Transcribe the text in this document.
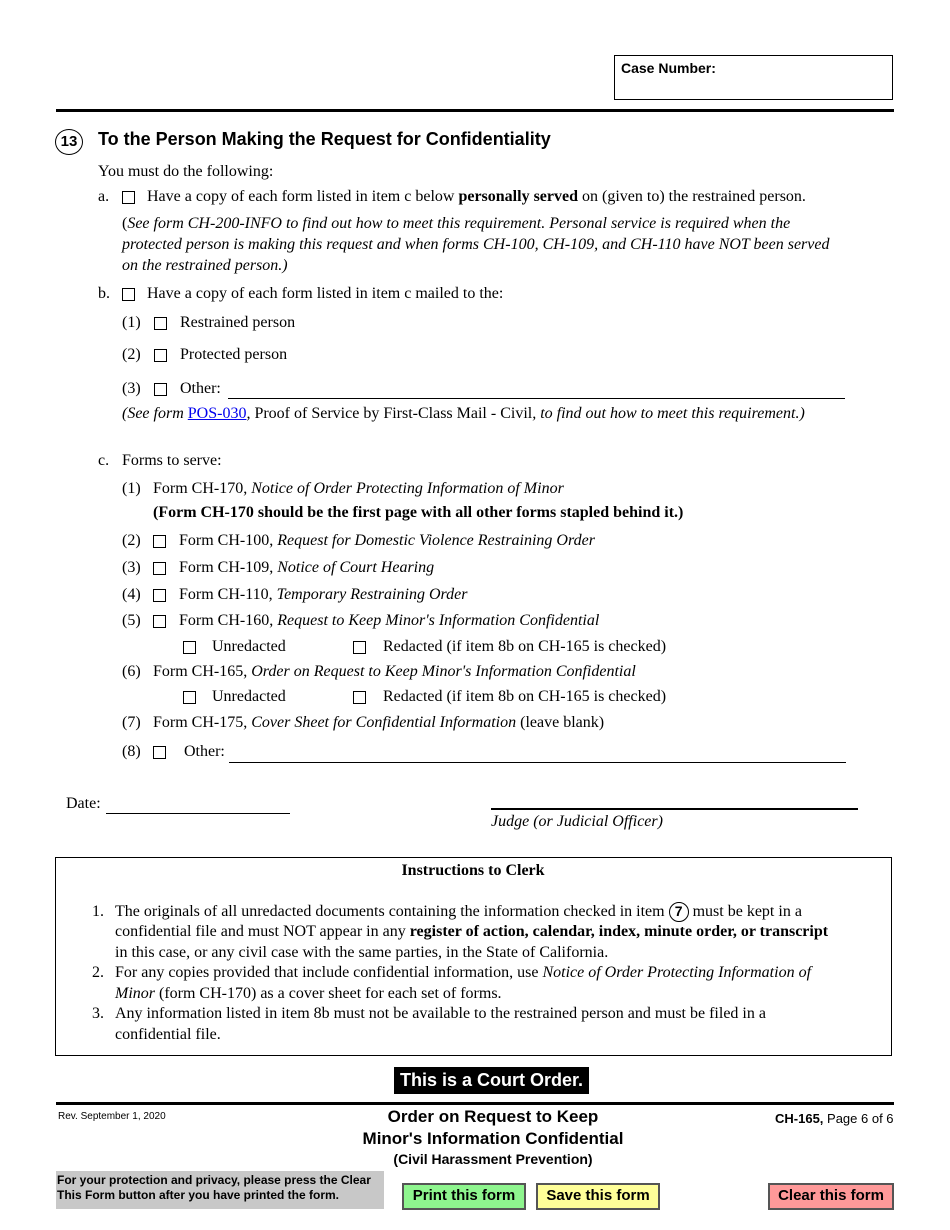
Case Number:
13	To the Person Making the Request for Confidentiality
You must do the following:
a. Have a copy of each form listed in item c below personally served on (given to) the restrained person.
(See form CH-200-INFO to find out how to meet this requirement. Personal service is required when the
protected person is making this request and when forms CH-100, CH-109, and CH-110 have NOT been served
on the restrained person.)
b. Have a copy of each form listed in item c mailed to the:
(1) Restrained person
(2) Protected person
(3) Other:
(See form POS-030, Proof of Service by First-Class Mail - Civil, to find out how to meet this requirement.)
c. Forms to serve:
(1) Form CH-170, Notice of Order Protecting Information of Minor
(Form CH-170 should be the first page with all other forms stapled behind it.)
(2) Form CH-100, Request for Domestic Violence Restraining Order
(3) Form CH-109, Notice of Court Hearing
(4) Form CH-110, Temporary Restraining Order
(5) Form CH-160, Request to Keep Minor's Information Confidential
Unredacted	Redacted (if item 8b on CH-165 is checked)
(6) Form CH-165, Order on Request to Keep Minor's Information Confidential
Unredacted	Redacted (if item 8b on CH-165 is checked)
(7) Form CH-175, Cover Sheet for Confidential Information (leave blank)
(8)	Other:
Date:
Judge (or Judicial Officer)
Instructions to Clerk
1. The originals of all unredacted documents containing the information checked in item 7 must be kept in a
confidential file and must NOT appear in any register of action, calendar, index, minute order, or transcript
in this case, or any civil case with the same parties, in the State of California.
2. For any copies provided that include confidential information, use Notice of Order Protecting Information of
Minor (form CH-170) as a cover sheet for each set of forms.
3. Any information listed in item 8b must not be available to the restrained person and must be filed in a
confidential file.
This is a Court Order.
Rev. September 1, 2020	Order on Request to Keep
Minor's Information Confidential
(Civil Harassment Prevention)
CH-165, Page 6 of 6
For your protection and privacy, please press the Clear
This Form button after you have printed the form.	Print this form	Save this form	Clear this form
